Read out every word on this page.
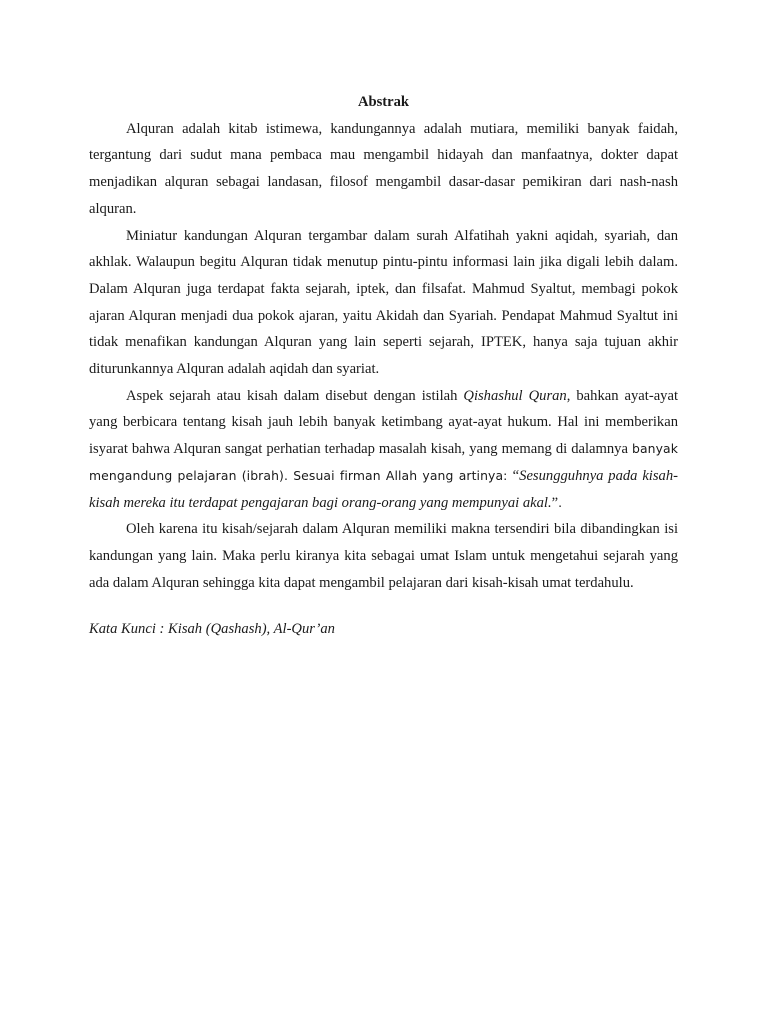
Abstrak

Alquran adalah kitab istimewa, kandungannya adalah mutiara, memiliki banyak faidah, tergantung dari sudut mana pembaca mau mengambil hidayah dan manfaatnya, dokter dapat menjadikan alquran sebagai landasan, filosof mengambil dasar-dasar pemikiran dari nash-nash alquran.

Miniatur kandungan Alquran tergambar dalam surah Alfatihah yakni aqidah, syariah, dan akhlak. Walaupun begitu Alquran tidak menutup pintu-pintu informasi lain jika digali lebih dalam. Dalam Alquran juga terdapat fakta sejarah, iptek, dan filsafat. Mahmud Syaltut, membagi pokok ajaran Alquran menjadi dua pokok ajaran, yaitu Akidah dan Syariah. Pendapat Mahmud Syaltut ini tidak menafikan kandungan Alquran yang lain seperti sejarah, IPTEK, hanya saja tujuan akhir diturunkannya Alquran adalah aqidah dan syariat.

Aspek sejarah atau kisah dalam disebut dengan istilah Qishashul Quran, bahkan ayat-ayat yang berbicara tentang kisah jauh lebih banyak ketimbang ayat-ayat hukum. Hal ini memberikan isyarat bahwa Alquran sangat perhatian terhadap masalah kisah, yang memang di dalamnya banyak mengandung pelajaran (ibrah). Sesuai firman Allah yang artinya: “Sesungguhnya pada kisah-kisah mereka itu terdapat pengajaran bagi orang-orang yang mempunyai akal.”.

Oleh karena itu kisah/sejarah dalam Alquran memiliki makna tersendiri bila dibandingkan isi kandungan yang lain. Maka perlu kiranya kita sebagai umat Islam untuk mengetahui sejarah yang ada dalam Alquran sehingga kita dapat mengambil pelajaran dari kisah-kisah umat terdahulu.

Kata Kunci : Kisah (Qashash), Al-Qur’an
